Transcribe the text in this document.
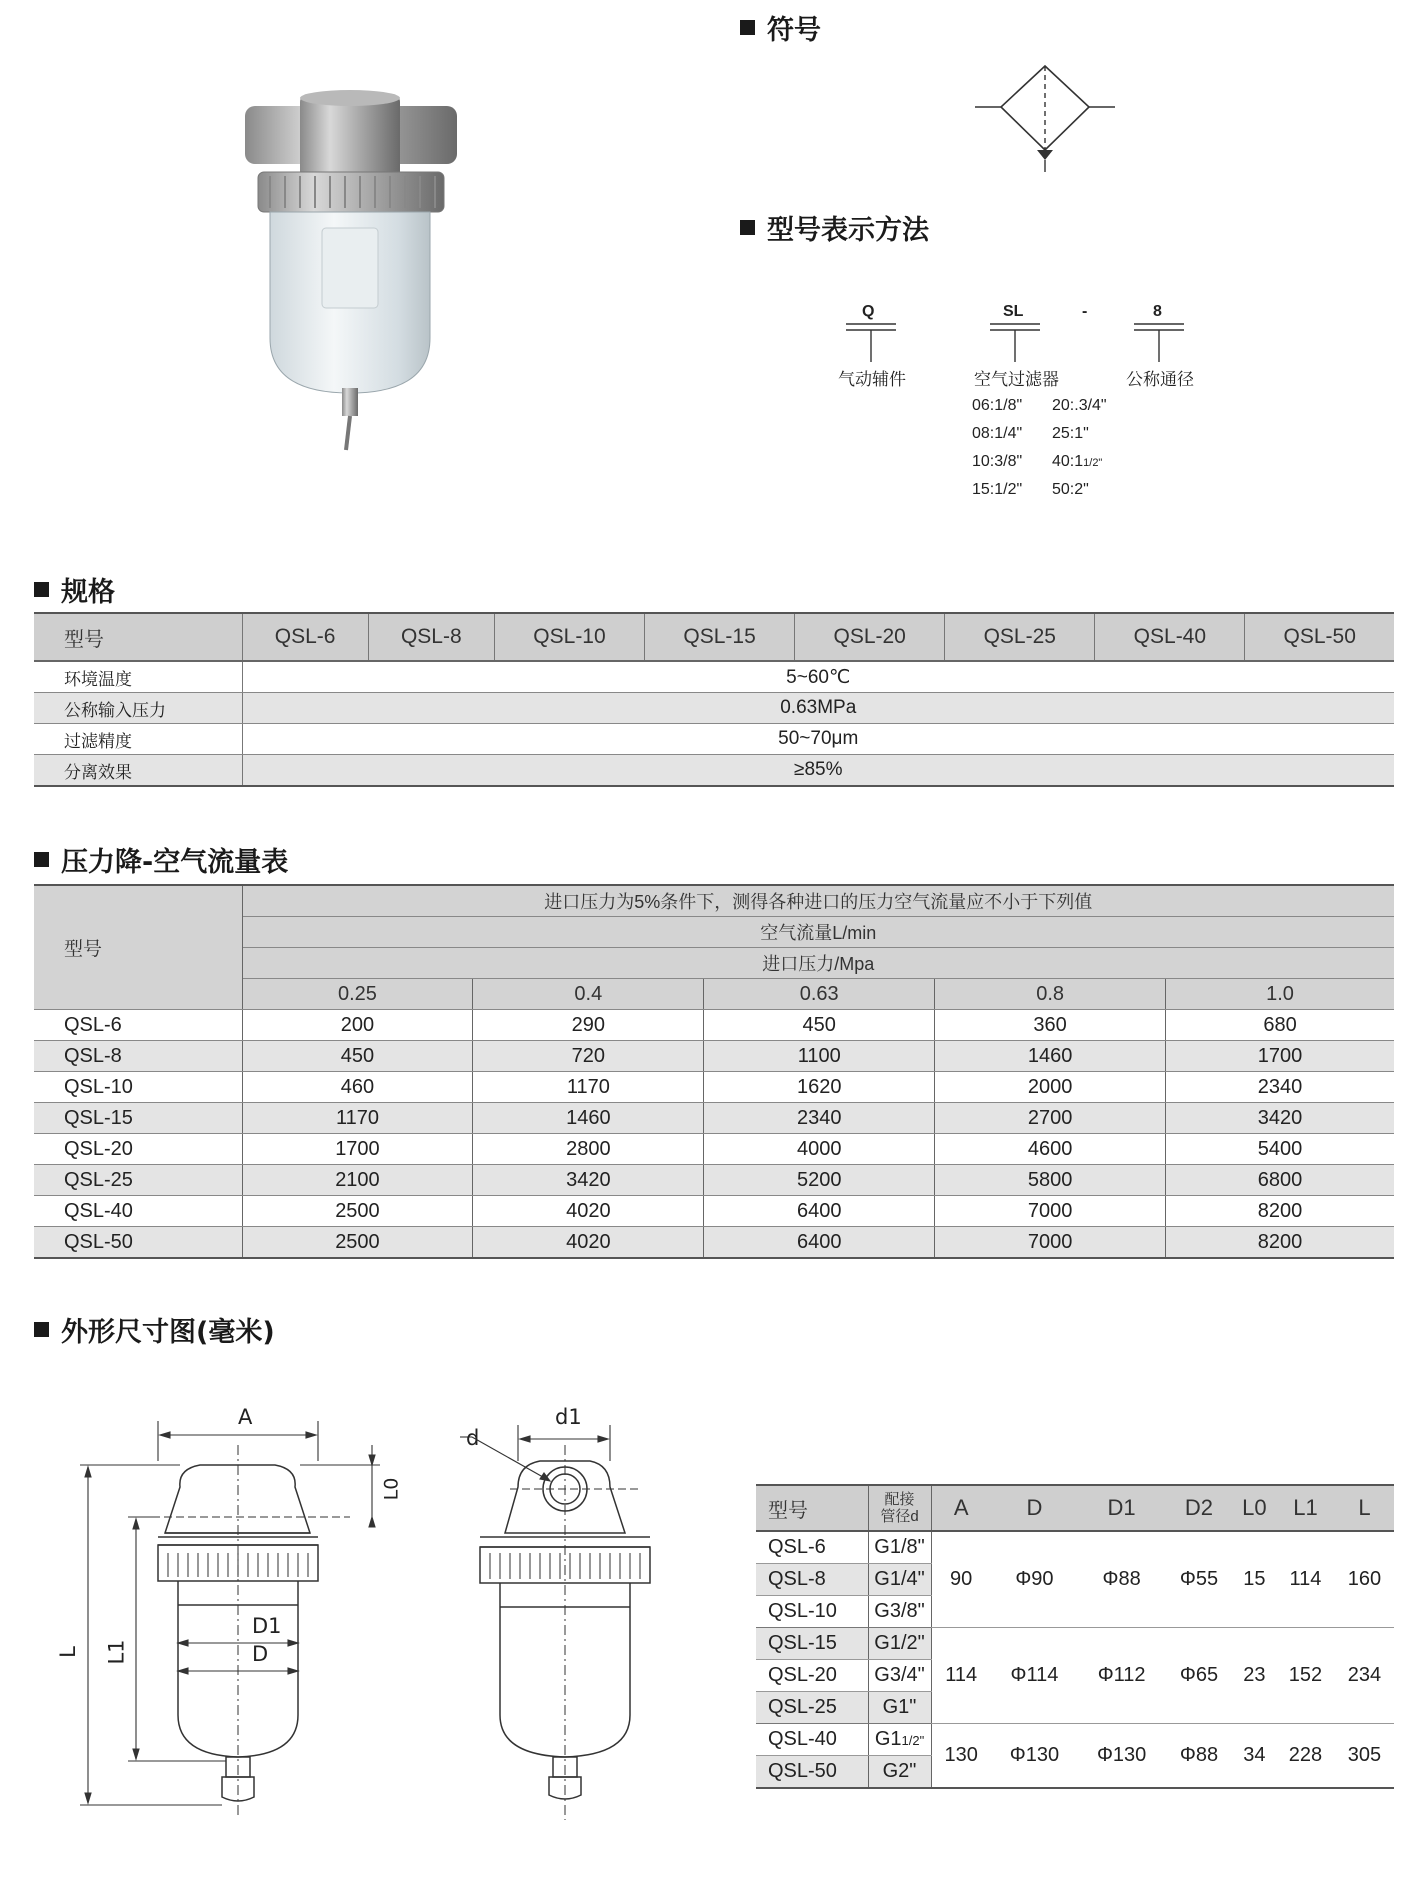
符号
型号表示方法
Q	SL	-	8
气动辅件	空气过滤器	公称通径
06:1/8" 20:.3/4"
08:1/4" 25:1"
10:3/8" 40:11/2"
15:1/2" 50:2"
规格
型号	QSL-6	QSL-8	QSL-10	QSL-15	QSL-20	QSL-25	QSL-40	QSL-50
环境温度	5~60℃							
公称输入压力	0.63MPa							
过滤精度	50~70μm							
分离效果	≥85%							
压力降-空气流量表
型号	进口压力为5%条件下，测得各种进口的压力空气流量应不小于下列值				
	空气流量L/min				
	进口压力/Mpa				
	0.25	0.4	0.63	0.8	1.0
QSL-6	200	290	450	360	680
QSL-8	450	720	1100	1460	1700
QSL-10	460	1170	1620	2000	2340
QSL-15	1170	1460	2340	2700	3420
QSL-20	1700	2800	4000	4600	5400
QSL-25	2100	3420	5200	5800	6800
QSL-40	2500	4020	6400	7000	8200
QSL-50	2500	4020	6400	7000	8200
外形尺寸图(毫米)
A
L0
D1
D
L L1
d1
d
型号	配接
管径d	A	D	D1	D2	L0	L1	L
QSL-6	G1/8"	90	Φ90	Φ88	Φ55	15	114	160
QSL-8	G1/4"							
QSL-10	G3/8"							
QSL-15	G1/2"	114	Φ114	Φ112	Φ65	23	152	234
QSL-20	G3/4"							
QSL-25	G1"							
QSL-40	G11/2"	130	Φ130	Φ130	Φ88	34	228	305
QSL-50	G2"							
